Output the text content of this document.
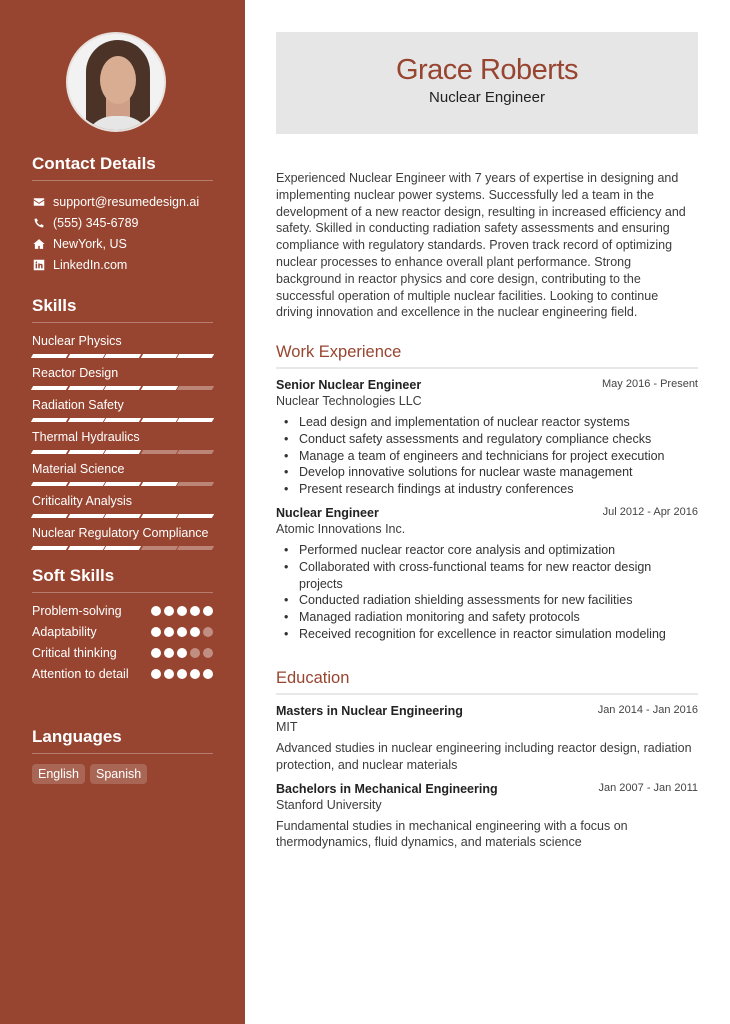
Contact Details
support@resumedesign.ai
(555) 345-6789
NewYork, US
LinkedIn.com
Skills
Nuclear Physics
Reactor Design
Radiation Safety
Thermal Hydraulics
Material Science
Criticality Analysis
Nuclear Regulatory Compliance
Soft Skills
Problem-solving
Adaptability
Critical thinking
Attention to detail
Languages
English	Spanish
Grace Roberts
Nuclear Engineer
Experienced Nuclear Engineer with 7 years of expertise in designing and implementing nuclear power systems. Successfully led a team in the development of a new reactor design, resulting in increased efficiency and safety. Skilled in conducting radiation safety assessments and ensuring compliance with regulatory standards. Proven track record of optimizing nuclear processes to enhance overall plant performance. Strong background in reactor physics and core design, contributing to the successful operation of multiple nuclear facilities. Looking to continue driving innovation and excellence in the nuclear engineering field.
Work Experience
Senior Nuclear Engineer	May 2016 - Present
Nuclear Technologies LLC
• Lead design and implementation of nuclear reactor systems
• Conduct safety assessments and regulatory compliance checks
• Manage a team of engineers and technicians for project execution
• Develop innovative solutions for nuclear waste management
• Present research findings at industry conferences
Nuclear Engineer	Jul 2012 - Apr 2016
Atomic Innovations Inc.
• Performed nuclear reactor core analysis and optimization
• Collaborated with cross-functional teams for new reactor design projects
• Conducted radiation shielding assessments for new facilities
• Managed radiation monitoring and safety protocols
• Received recognition for excellence in reactor simulation modeling
Education
Masters in Nuclear Engineering	Jan 2014 - Jan 2016
MIT
Advanced studies in nuclear engineering including reactor design, radiation protection, and nuclear materials
Bachelors in Mechanical Engineering	Jan 2007 - Jan 2011
Stanford University
Fundamental studies in mechanical engineering with a focus on thermodynamics, fluid dynamics, and materials science
